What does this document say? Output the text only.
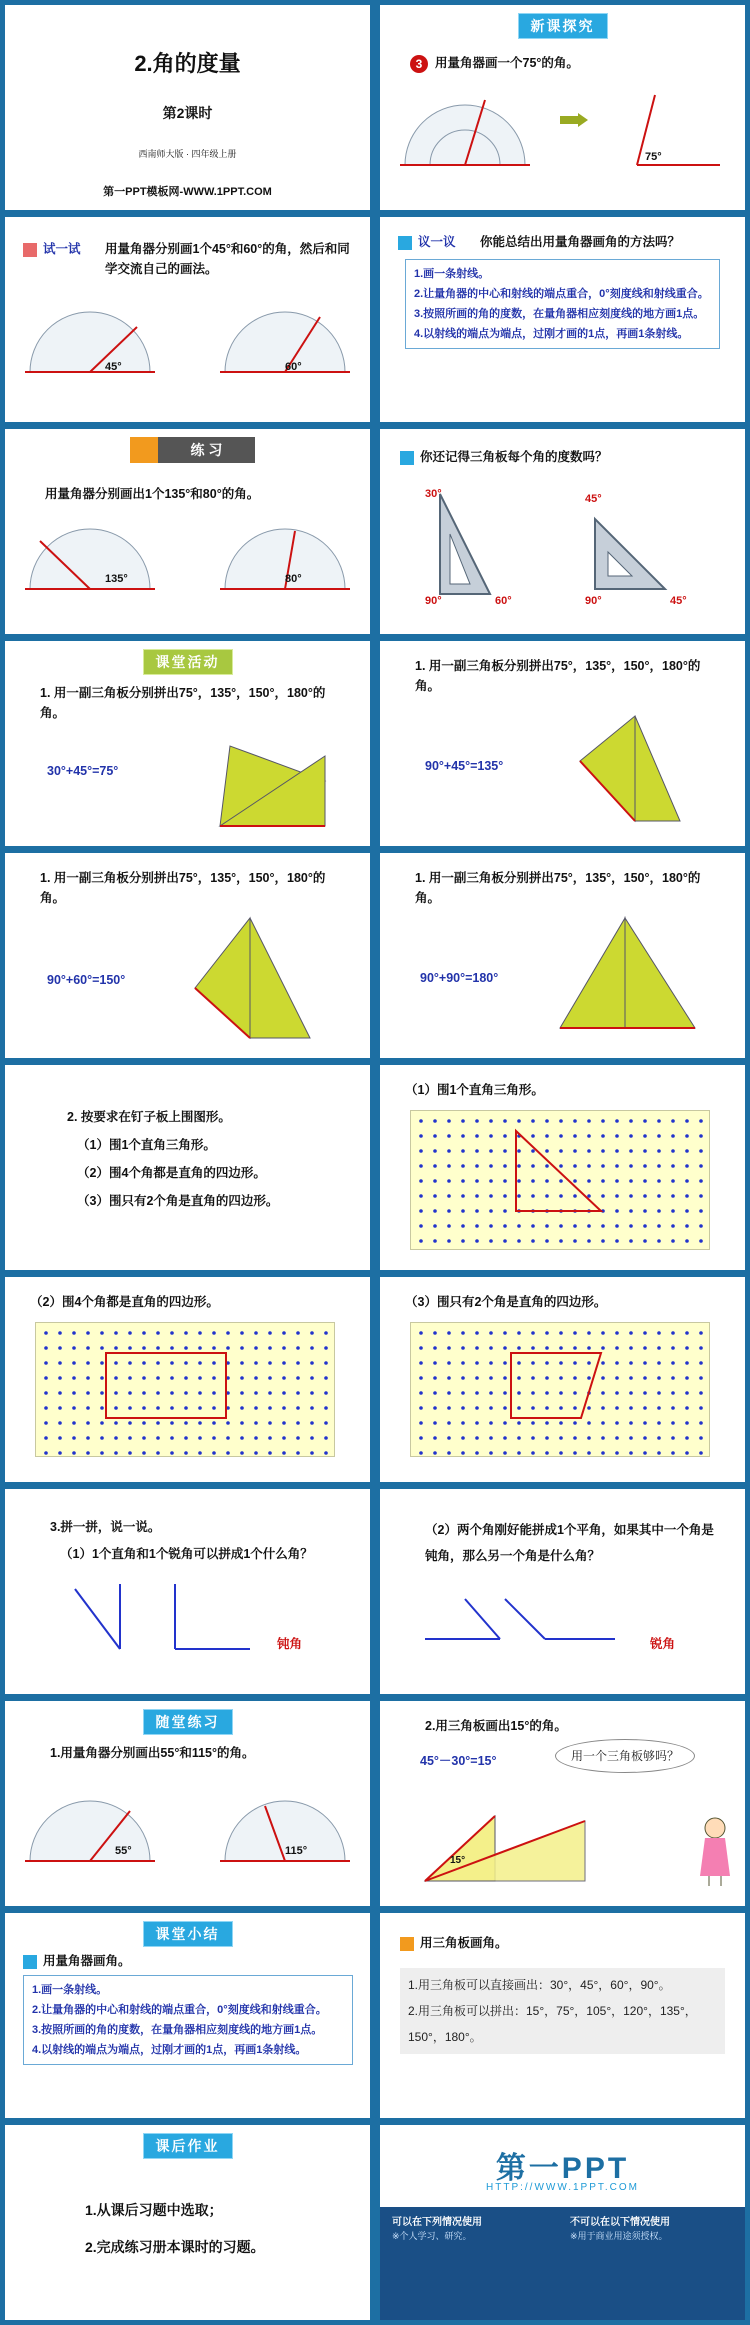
2.角的度量
第2课时
西南师大版 · 四年级上册
第一PPT模板网-WWW.1PPT.COM
新课探究
3	用量角器画一个75°的角。
75°
试一试 用量角器分别画1个45°和60°的角，然后和同学交流自己的画法。
45°	60°
议一议 你能总结出用量角器画角的方法吗？
1.画一条射线。
2.让量角器的中心和射线的端点重合，0°刻度线和射线重合。
3.按照所画的角的度数，在量角器相应刻度线的地方画1点。
4.以射线的端点为端点，过刚才画的1点，再画1条射线。
练 习
用量角器分别画出1个135°和80°的角。
135°	80°
你还记得三角板每个角的度数吗？
30°
90°	60°
45°
90°	45°
课堂活动
1. 用一副三角板分别拼出75°，135°，150°，180°的角。
30°+45°=75°
1. 用一副三角板分别拼出75°，135°，150°，180°的角。
90°+45°=135°
1. 用一副三角板分别拼出75°，135°，150°，180°的角。
90°+60°=150°
1. 用一副三角板分别拼出75°，135°，150°，180°的角。
90°+90°=180°
2. 按要求在钉子板上围图形。
（1）围1个直角三角形。
（2）围4个角都是直角的四边形。
（3）围只有2个角是直角的四边形。
（1）围1个直角三角形。
（2）围4个角都是直角的四边形。	（3）围只有2个角是直角的四边形。
3.拼一拼，说一说。
（1）1个直角和1个锐角可以拼成1个什么角？
钝角
（2）两个角刚好能拼成1个平角，如果其中一个角是钝角，那么另一个角是什么角？
锐角
随堂练习
1.用量角器分别画出55°和115°的角。
55°	115°
2.用三角板画出15°的角。
45°－30°=15°	用一个三角板够吗？
15°
课堂小结
用量角器画角。
1.画一条射线。
2.让量角器的中心和射线的端点重合，0°刻度线和射线重合。
3.按照所画的角的度数，在量角器相应刻度线的地方画1点。
4.以射线的端点为端点，过刚才画的1点，再画1条射线。
用三角板画角。
1.用三角板可以直接画出：30°，45°，60°，90°。
2.用三角板可以拼出：15°，75°，105°，120°，135°，150°，180°。
课后作业
1.从课后习题中选取；
2.完成练习册本课时的习题。
第一PPT
HTTP://WWW.1PPT.COM
可以在下列情况使用	不可以在以下情况使用
※个人学习、研究。	※用于商业用途须授权。
